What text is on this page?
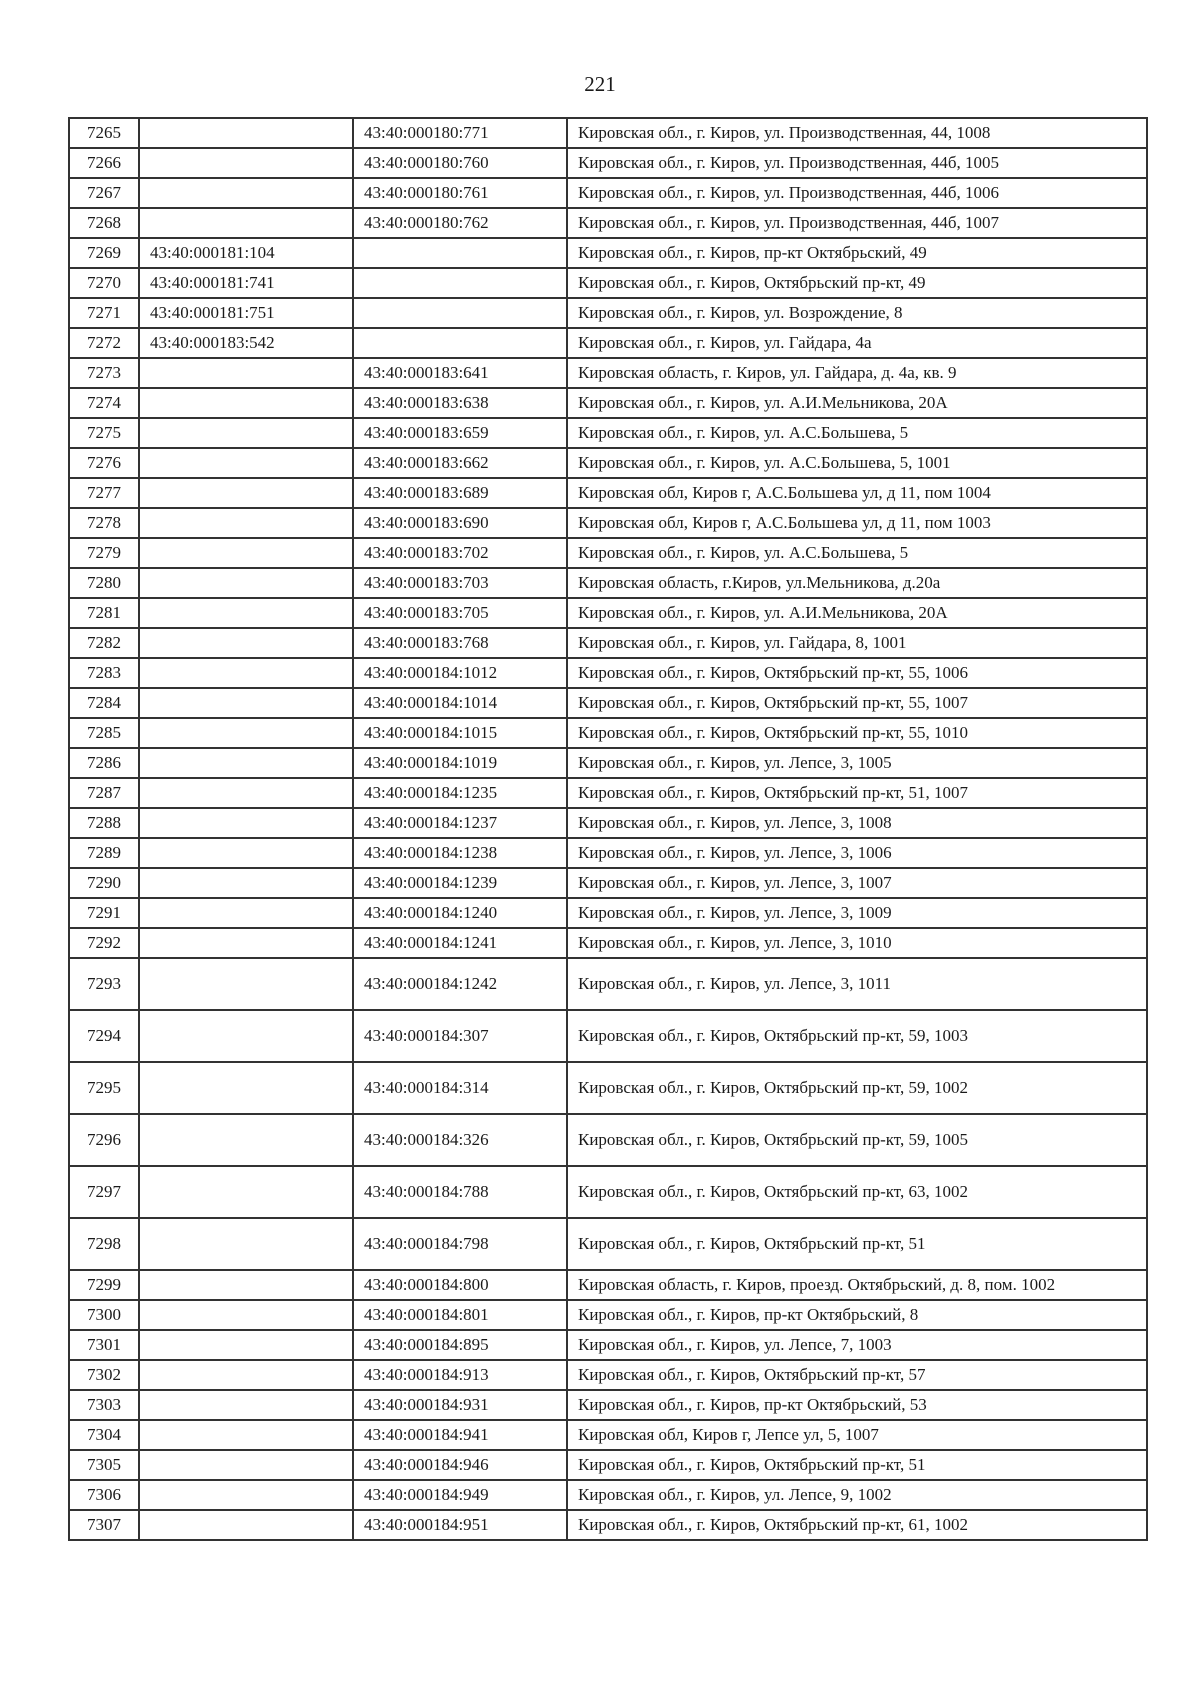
221
7265		43:40:000180:771	Кировская обл., г. Киров, ул. Производственная, 44, 1008
7266		43:40:000180:760	Кировская обл., г. Киров, ул. Производственная, 44б, 1005
7267		43:40:000180:761	Кировская обл., г. Киров, ул. Производственная, 44б, 1006
7268		43:40:000180:762	Кировская обл., г. Киров, ул. Производственная, 44б, 1007
7269	43:40:000181:104		Кировская обл., г. Киров, пр-кт Октябрьский, 49
7270	43:40:000181:741		Кировская обл., г. Киров, Октябрьский пр-кт, 49
7271	43:40:000181:751		Кировская обл., г. Киров, ул. Возрождение, 8
7272	43:40:000183:542		Кировская обл., г. Киров, ул. Гайдара, 4а
7273		43:40:000183:641	Кировская область, г. Киров, ул. Гайдара, д. 4а, кв. 9
7274		43:40:000183:638	Кировская обл., г. Киров, ул. А.И.Мельникова, 20А
7275		43:40:000183:659	Кировская обл., г. Киров, ул. А.С.Большева, 5
7276		43:40:000183:662	Кировская обл., г. Киров, ул. А.С.Большева, 5, 1001
7277		43:40:000183:689	Кировская обл, Киров г, А.С.Большева ул, д 11, пом 1004
7278		43:40:000183:690	Кировская обл, Киров г, А.С.Большева ул, д 11, пом 1003
7279		43:40:000183:702	Кировская обл., г. Киров, ул. А.С.Большева, 5
7280		43:40:000183:703	Кировская область, г.Киров, ул.Мельникова, д.20а
7281		43:40:000183:705	Кировская обл., г. Киров, ул. А.И.Мельникова, 20А
7282		43:40:000183:768	Кировская обл., г. Киров, ул. Гайдара, 8, 1001
7283		43:40:000184:1012	Кировская обл., г. Киров, Октябрьский пр-кт, 55, 1006
7284		43:40:000184:1014	Кировская обл., г. Киров, Октябрьский пр-кт, 55, 1007
7285		43:40:000184:1015	Кировская обл., г. Киров, Октябрьский пр-кт, 55, 1010
7286		43:40:000184:1019	Кировская обл., г. Киров, ул. Лепсе, 3, 1005
7287		43:40:000184:1235	Кировская обл., г. Киров, Октябрьский пр-кт, 51, 1007
7288		43:40:000184:1237	Кировская обл., г. Киров, ул. Лепсе, 3, 1008
7289		43:40:000184:1238	Кировская обл., г. Киров, ул. Лепсе, 3, 1006
7290		43:40:000184:1239	Кировская обл., г. Киров, ул. Лепсе, 3, 1007
7291		43:40:000184:1240	Кировская обл., г. Киров, ул. Лепсе, 3, 1009
7292		43:40:000184:1241	Кировская обл., г. Киров, ул. Лепсе, 3, 1010
7293		43:40:000184:1242	Кировская обл., г. Киров, ул. Лепсе, 3, 1011
7294		43:40:000184:307	Кировская обл., г. Киров, Октябрьский пр-кт, 59, 1003
7295		43:40:000184:314	Кировская обл., г. Киров, Октябрьский пр-кт, 59, 1002
7296		43:40:000184:326	Кировская обл., г. Киров, Октябрьский пр-кт, 59, 1005
7297		43:40:000184:788	Кировская обл., г. Киров, Октябрьский пр-кт, 63, 1002
7298		43:40:000184:798	Кировская обл., г. Киров, Октябрьский пр-кт, 51
7299		43:40:000184:800	Кировская область, г. Киров, проезд. Октябрьский, д. 8, пом. 1002
7300		43:40:000184:801	Кировская обл., г. Киров, пр-кт Октябрьский, 8
7301		43:40:000184:895	Кировская обл., г. Киров, ул. Лепсе, 7, 1003
7302		43:40:000184:913	Кировская обл., г. Киров, Октябрьский пр-кт, 57
7303		43:40:000184:931	Кировская обл., г. Киров, пр-кт Октябрьский, 53
7304		43:40:000184:941	Кировская обл, Киров г, Лепсе ул, 5, 1007
7305		43:40:000184:946	Кировская обл., г. Киров, Октябрьский пр-кт, 51
7306		43:40:000184:949	Кировская обл., г. Киров, ул. Лепсе, 9, 1002
7307		43:40:000184:951	Кировская обл., г. Киров, Октябрьский пр-кт, 61, 1002
